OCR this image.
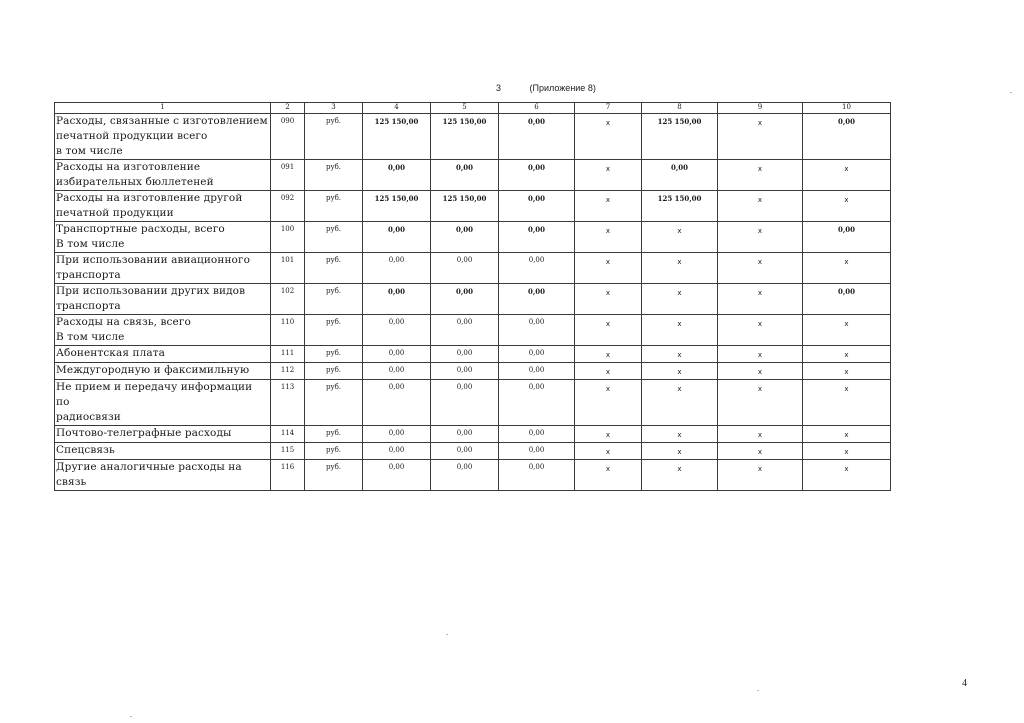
3	(Приложение 8)
1	2	3	4	5	6	7	8	9	10

Расходы, связанные с изготовлением
печатной продукции всего
в том числе	090	руб.	125 150,00	125 150,00	0,00	х	125 150,00	х	0,00

Расходы на изготовление
избирательных бюллетеней	091	руб.	0,00	0,00	0,00	х	0,00	х	х

Расходы на изготовление другой
печатной продукции	092	руб.	125 150,00	125 150,00	0,00	х	125 150,00	х	х

Транспортные расходы, всего
В том числе	100	руб.	0,00	0,00	0,00	х	х	х	0,00

При использовании авиационного
транспорта	101	руб.	0,00	0,00	0,00	х	х	х	х

При использовании других видов
транспорта	102	руб.	0,00	0,00	0,00	х	х	х	0,00

Расходы на связь, всего
В том числе	110	руб.	0,00	0,00	0,00	х	х	х	х

Абонентская плата	111	руб.	0,00	0,00	0,00	х	х	х	х

Междугородную и факсимильную	112	руб.	0,00	0,00	0,00	х	х	х	х

Не прием и передачу информации по
радиосвязи	113	руб.	0,00	0,00	0,00	х	х	х	х

Почтово-телеграфные расходы	114	руб.	0,00	0,00	0,00	х	х	х	х

Спецсвязь	115	руб.	0,00	0,00	0,00	х	х	х	х

Другие аналогичные расходы на
связь	116	руб.	0,00	0,00	0,00	х	х	х	х
4
